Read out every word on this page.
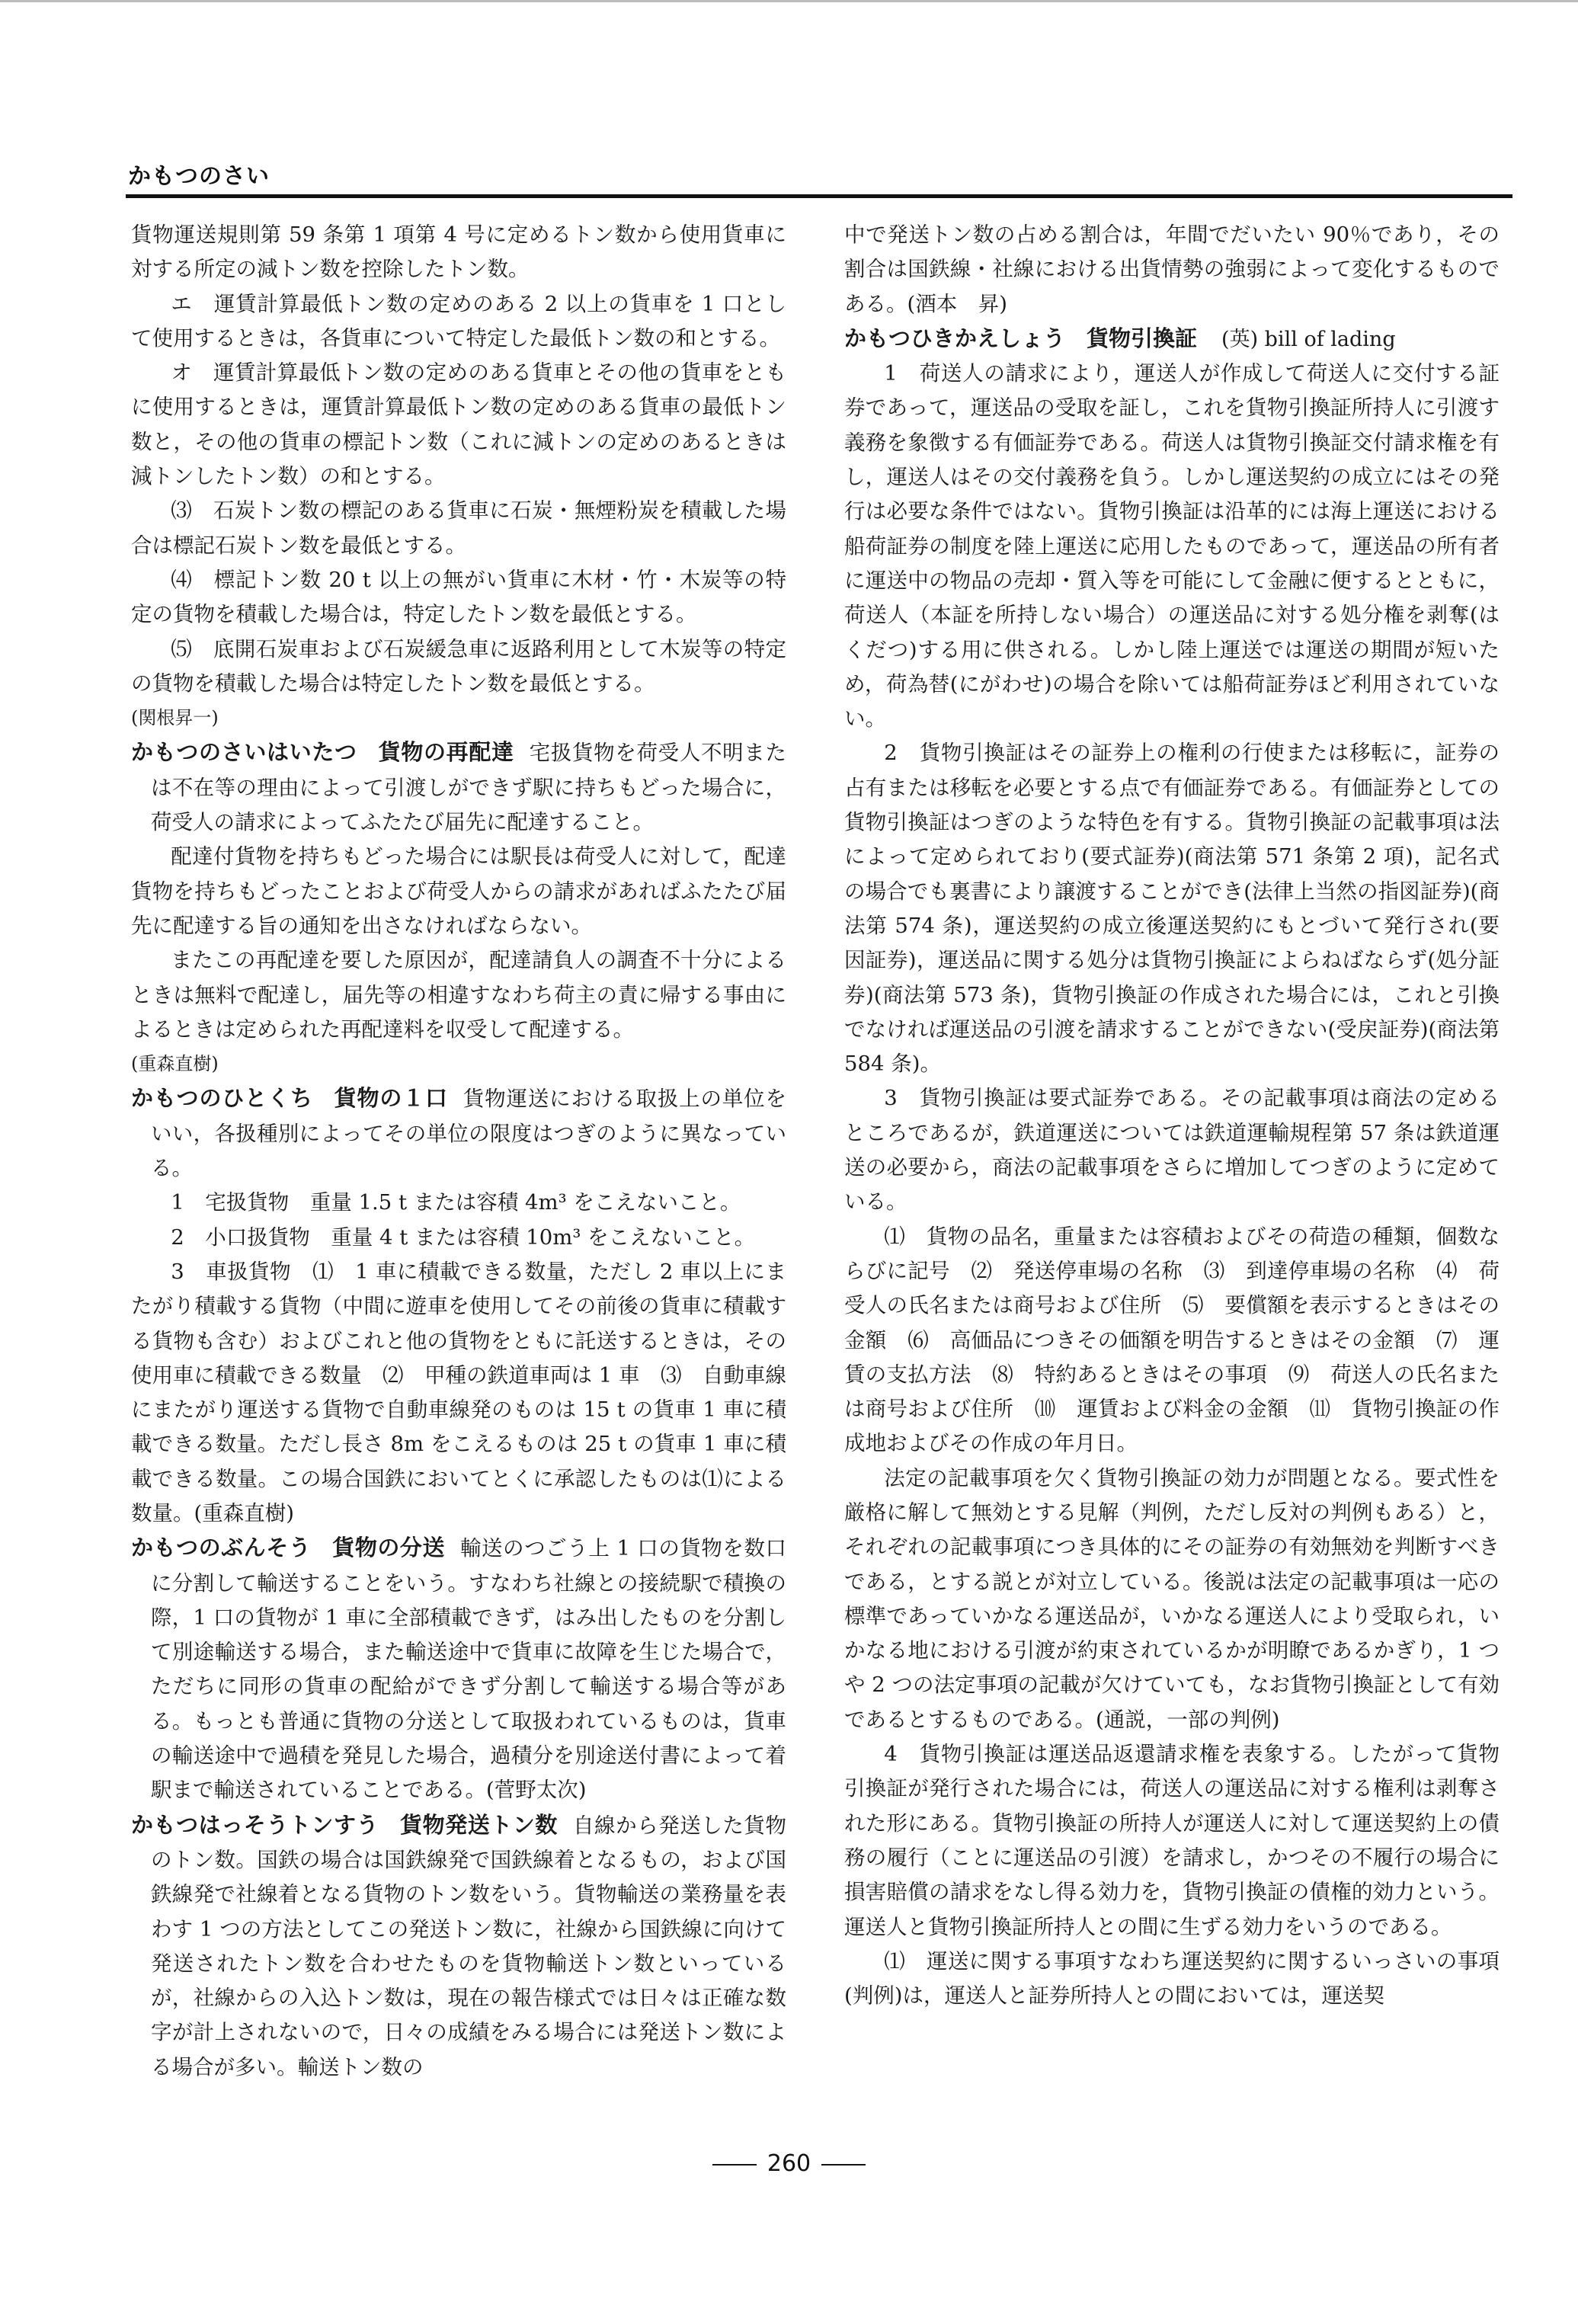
かもつのさい

貨物運送規則第 59 条第 1 項第 4 号に定めるトン数から使用貨車に対する所定の減トン数を控除したトン数。

エ　運賃計算最低トン数の定めのある 2 以上の貨車を 1 口として使用するときは，各貨車について特定した最低トン数の和とする。

オ　運賃計算最低トン数の定めのある貨車とその他の貨車をともに使用するときは，運賃計算最低トン数の定めのある貨車の最低トン数と，その他の貨車の標記トン数（これに減トンの定めのあるときは減トンしたトン数）の和とする。

⑶　石炭トン数の標記のある貨車に石炭・無煙粉炭を積載した場合は標記石炭トン数を最低とする。

⑷　標記トン数 20 t 以上の無がい貨車に木材・竹・木炭等の特定の貨物を積載した場合は，特定したトン数を最低とする。

⑸　底開石炭車および石炭緩急車に返路利用として木炭等の特定の貨物を積載した場合は特定したトン数を最低とする。

(関根昇一)

かもつのさいはいたつ 貨物の再配達 宅扱貨物を荷受人不明または不在等の理由によって引渡しができず駅に持ちもどった場合に，荷受人の請求によってふたたび届先に配達すること。

配達付貨物を持ちもどった場合には駅長は荷受人に対して，配達貨物を持ちもどったことおよび荷受人からの請求があればふたたび届先に配達する旨の通知を出さなければならない。

またこの再配達を要した原因が，配達請負人の調査不十分によるときは無料で配達し，届先等の相違すなわち荷主の責に帰する事由によるときは定められた再配達料を収受して配達する。

(重森直樹)

かもつのひとくち 貨物の１口 貨物運送における取扱上の単位をいい，各扱種別によってその単位の限度はつぎのように異なっている。

1　宅扱貨物　重量 1.5 t または容積 4m³ をこえないこと。

2　小口扱貨物　重量 4 t または容積 10m³ をこえないこと。

3　車扱貨物　⑴　1 車に積載できる数量，ただし 2 車以上にまたがり積載する貨物（中間に遊車を使用してその前後の貨車に積載する貨物も含む）およびこれと他の貨物をともに託送するときは，その使用車に積載できる数量　⑵　甲種の鉄道車両は 1 車　⑶　自動車線にまたがり運送する貨物で自動車線発のものは 15 t の貨車 1 車に積載できる数量。ただし長さ 8m をこえるものは 25 t の貨車 1 車に積載できる数量。この場合国鉄においてとくに承認したものは⑴による数量。(重森直樹)

かもつのぶんそう 貨物の分送 輸送のつごう上 1 口の貨物を数口に分割して輸送することをいう。すなわち社線との接続駅で積換の際，1 口の貨物が 1 車に全部積載できず，はみ出したものを分割して別途輸送する場合，また輸送途中で貨車に故障を生じた場合で，ただちに同形の貨車の配給ができず分割して輸送する場合等がある。もっとも普通に貨物の分送として取扱われているものは，貨車の輸送途中で過積を発見した場合，過積分を別途送付書によって着駅まで輸送されていることである。(菅野太次)

かもつはっそうトンすう 貨物発送トン数 自線から発送した貨物のトン数。国鉄の場合は国鉄線発で国鉄線着となるもの，および国鉄線発で社線着となる貨物のトン数をいう。貨物輸送の業務量を表わす 1 つの方法としてこの発送トン数に，社線から国鉄線に向けて発送されたトン数を合わせたものを貨物輸送トン数といっているが，社線からの入込トン数は，現在の報告様式では日々は正確な数字が計上されないので，日々の成績をみる場合には発送トン数による場合が多い。輸送トン数の

中で発送トン数の占める割合は，年間でだいたい 90％であり，その割合は国鉄線・社線における出貨情勢の強弱によって変化するものである。(酒本　昇)

かもつひきかえしょう 貨物引換証 (英) bill of lading

1　荷送人の請求により，運送人が作成して荷送人に交付する証券であって，運送品の受取を証し，これを貨物引換証所持人に引渡す義務を象徴する有価証券である。荷送人は貨物引換証交付請求権を有し，運送人はその交付義務を負う。しかし運送契約の成立にはその発行は必要な条件ではない。貨物引換証は沿革的には海上運送における船荷証券の制度を陸上運送に応用したものであって，運送品の所有者に運送中の物品の売却・質入等を可能にして金融に便するとともに，荷送人（本証を所持しない場合）の運送品に対する処分権を剥奪(はくだつ)する用に供される。しかし陸上運送では運送の期間が短いため，荷為替(にがわせ)の場合を除いては船荷証券ほど利用されていない。

2　貨物引換証はその証券上の権利の行使または移転に，証券の占有または移転を必要とする点で有価証券である。有価証券としての貨物引換証はつぎのような特色を有する。貨物引換証の記載事項は法によって定められており(要式証券)(商法第 571 条第 2 項)，記名式の場合でも裏書により譲渡することができ(法律上当然の指図証券)(商法第 574 条)，運送契約の成立後運送契約にもとづいて発行され(要因証券)，運送品に関する処分は貨物引換証によらねばならず(処分証券)(商法第 573 条)，貨物引換証の作成された場合には，これと引換でなければ運送品の引渡を請求することができない(受戻証券)(商法第 584 条)。

3　貨物引換証は要式証券である。その記載事項は商法の定めるところであるが，鉄道運送については鉄道運輸規程第 57 条は鉄道運送の必要から，商法の記載事項をさらに増加してつぎのように定めている。

⑴　貨物の品名，重量または容積およびその荷造の種類，個数ならびに記号　⑵　発送停車場の名称　⑶　到達停車場の名称　⑷　荷受人の氏名または商号および住所　⑸　要償額を表示するときはその金額　⑹　高価品につきその価額を明告するときはその金額　⑺　運賃の支払方法　⑻　特約あるときはその事項　⑼　荷送人の氏名または商号および住所　⑽　運賃および料金の金額　⑾　貨物引換証の作成地およびその作成の年月日。

法定の記載事項を欠く貨物引換証の効力が問題となる。要式性を厳格に解して無効とする見解（判例，ただし反対の判例もある）と，それぞれの記載事項につき具体的にその証券の有効無効を判断すべきである，とする説とが対立している。後説は法定の記載事項は一応の標準であっていかなる運送品が，いかなる運送人により受取られ，いかなる地における引渡が約束されているかが明瞭であるかぎり，1 つや 2 つの法定事項の記載が欠けていても，なお貨物引換証として有効であるとするものである。(通説，一部の判例)

4　貨物引換証は運送品返還請求権を表象する。したがって貨物引換証が発行された場合には，荷送人の運送品に対する権利は剥奪された形にある。貨物引換証の所持人が運送人に対して運送契約上の債務の履行（ことに運送品の引渡）を請求し，かつその不履行の場合に損害賠償の請求をなし得る効力を，貨物引換証の債権的効力という。運送人と貨物引換証所持人との間に生ずる効力をいうのである。

⑴　運送に関する事項すなわち運送契約に関するいっさいの事項(判例)は，運送人と証券所持人との間においては，運送契

260
